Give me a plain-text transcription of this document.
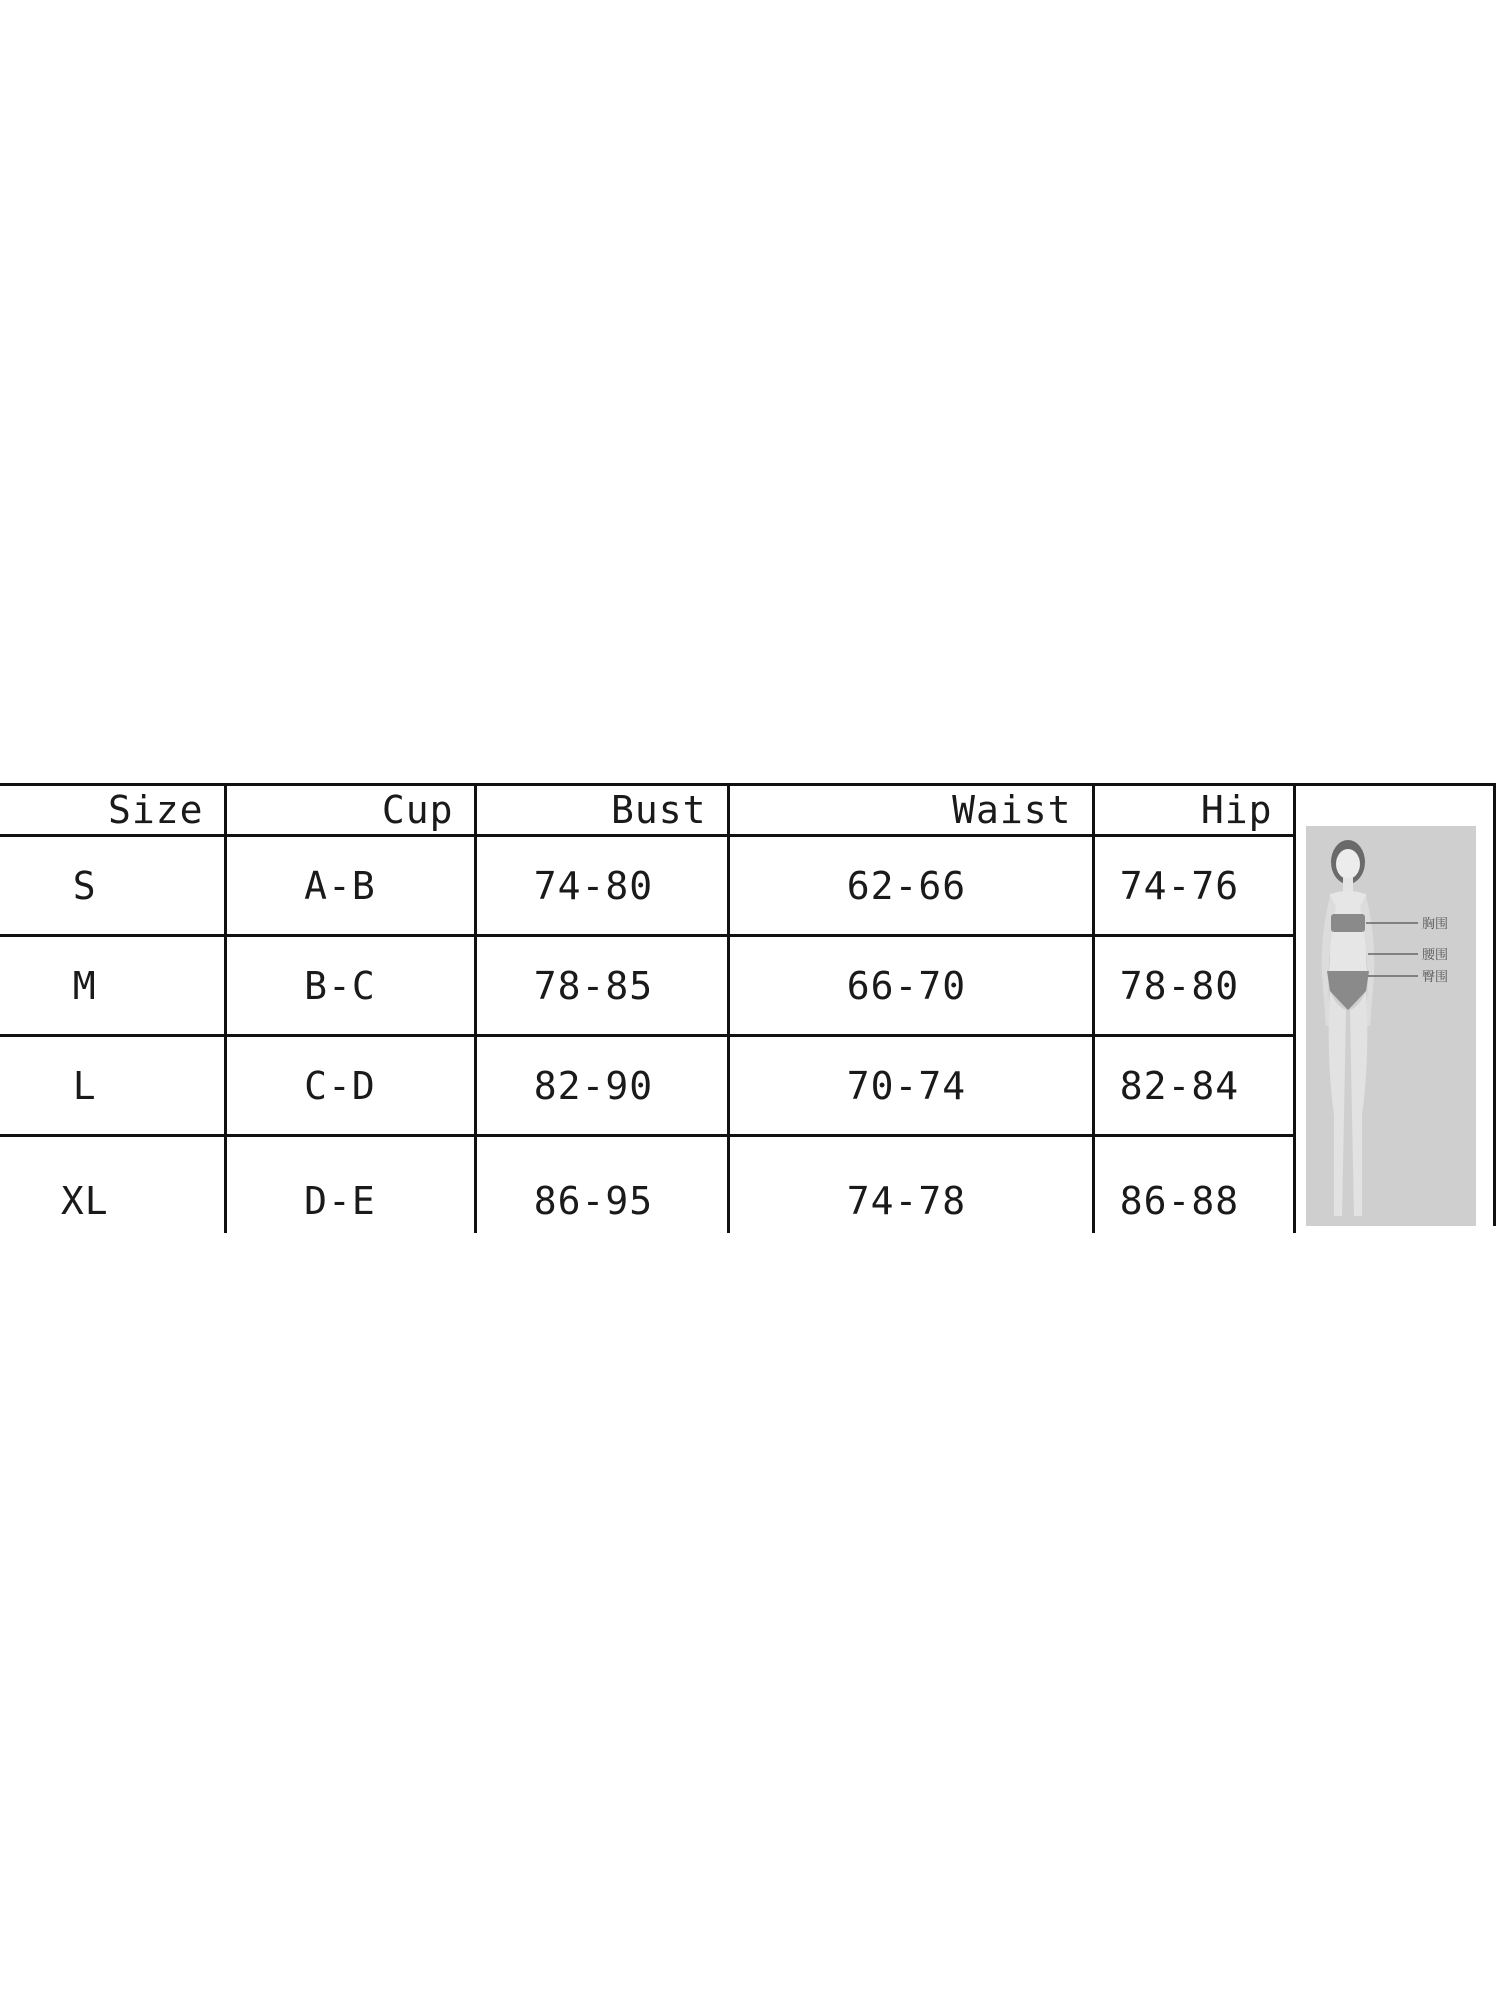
Size	Cup	Bust	Waist	Hip
S	A-B	74-80	62-66	74-76
M	B-C	78-85	66-70	78-80
L	C-D	82-90	70-74	82-84
XL	D-E	86-95	74-78	86-88
胸围
腰围
臀围
